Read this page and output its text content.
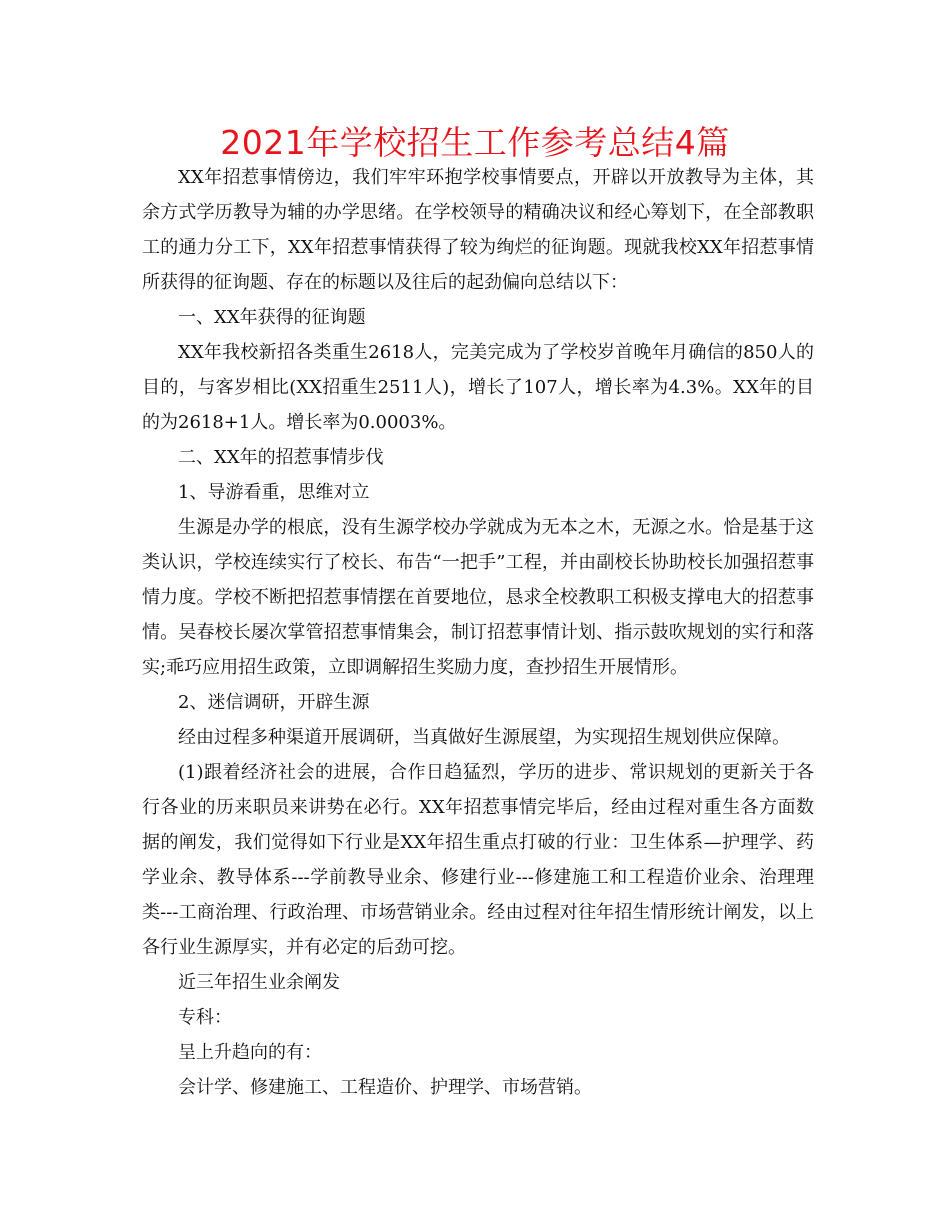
2021年学校招生工作参考总结4篇

XX年招惹事情傍边，我们牢牢环抱学校事情要点，开辟以开放教导为主体，其余方式学历教导为辅的办学思绪。在学校领导的精确决议和经心筹划下，在全部教职工的通力分工下，XX年招惹事情获得了较为绚烂的征询题。现就我校XX年招惹事情所获得的征询题、存在的标题以及往后的起劲偏向总结以下：

一、XX年获得的征询题

XX年我校新招各类重生2618人，完美完成为了学校岁首晚年月确信的850人的目的，与客岁相比(XX招重生2511人)，增长了107人，增长率为4.3%。XX年的目的为2618+1人。增长率为0.0003%。

二、XX年的招惹事情步伐

1、导游看重，思维对立

生源是办学的根底，没有生源学校办学就成为无本之木，无源之水。恰是基于这类认识，学校连续实行了校长、布告“一把手”工程，并由副校长协助校长加强招惹事情力度。学校不断把招惹事情摆在首要地位，恳求全校教职工积极支撑电大的招惹事情。吴春校长屡次掌管招惹事情集会，制订招惹事情计划、指示鼓吹规划的实行和落实;乖巧应用招生政策，立即调解招生奖励力度，查抄招生开展情形。

2、迷信调研，开辟生源

经由过程多种渠道开展调研，当真做好生源展望，为实现招生规划供应保障。

(1)跟着经济社会的进展，合作日趋猛烈，学历的进步、常识规划的更新关于各行各业的历来职员来讲势在必行。XX年招惹事情完毕后，经由过程对重生各方面数据的阐发，我们觉得如下行业是XX年招生重点打破的行业：卫生体系—护理学、药学业余、教导体系---学前教导业余、修建行业---修建施工和工程造价业余、治理理类---工商治理、行政治理、市场营销业余。经由过程对往年招生情形统计阐发，以上各行业生源厚实，并有必定的后劲可挖。

近三年招生业余阐发

专科：

呈上升趋向的有：

会计学、修建施工、工程造价、护理学、市场营销。
